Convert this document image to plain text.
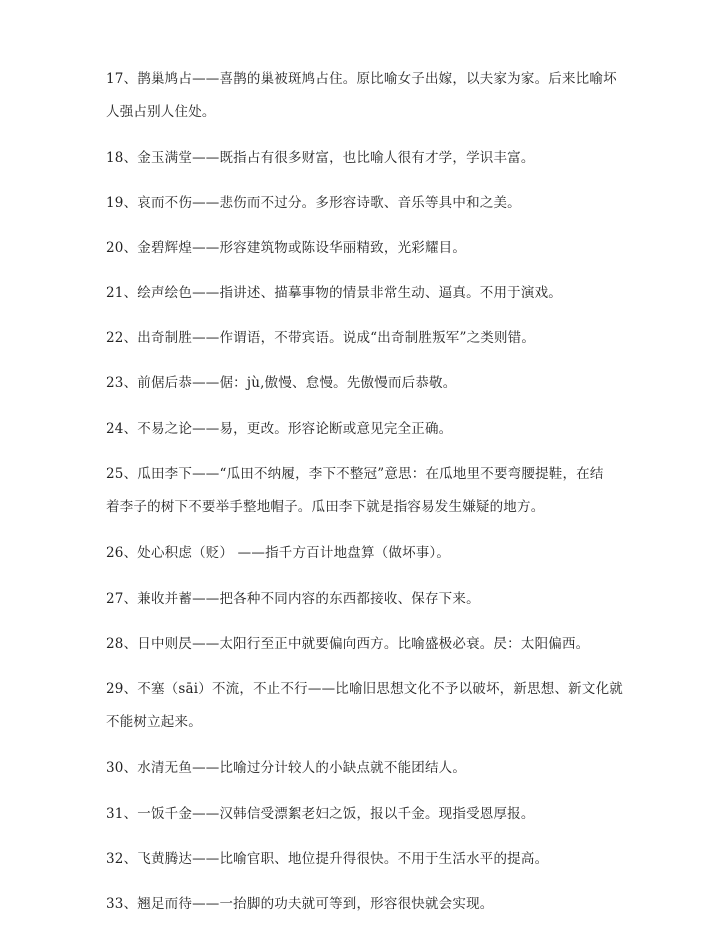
17、鹊巢鸠占——喜鹊的巢被斑鸠占住。原比喻女子出嫁，以夫家为家。后来比喻坏
人强占别人住处。
18、金玉满堂——既指占有很多财富，也比喻人很有才学，学识丰富。
19、哀而不伤——悲伤而不过分。多形容诗歌、音乐等具中和之美。
20、金碧辉煌——形容建筑物或陈设华丽精致，光彩耀目。
21、绘声绘色——指讲述、描摹事物的情景非常生动、逼真。不用于演戏。
22、出奇制胜——作谓语，不带宾语。说成“出奇制胜叛军”之类则错。
23、前倨后恭——倨：jù,傲慢、怠慢。先傲慢而后恭敬。
24、不易之论——易，更改。形容论断或意见完全正确。
25、瓜田李下——“瓜田不纳履，李下不整冠”意思：在瓜地里不要弯腰提鞋，在结
着李子的树下不要举手整地帽子。瓜田李下就是指容易发生嫌疑的地方。
26、处心积虑（贬） ——指千方百计地盘算（做坏事）。
27、兼收并蓄——把各种不同内容的东西都接收、保存下来。
28、日中则昃——太阳行至正中就要偏向西方。比喻盛极必衰。昃：太阳偏西。
29、不塞（sāi）不流，不止不行——比喻旧思想文化不予以破坏，新思想、新文化就
不能树立起来。
30、水清无鱼——比喻过分计较人的小缺点就不能团结人。
31、一饭千金——汉韩信受漂絮老妇之饭，报以千金。现指受恩厚报。
32、飞黄腾达——比喻官职、地位提升得很快。不用于生活水平的提高。
33、翘足而待——一抬脚的功夫就可等到，形容很快就会实现。
